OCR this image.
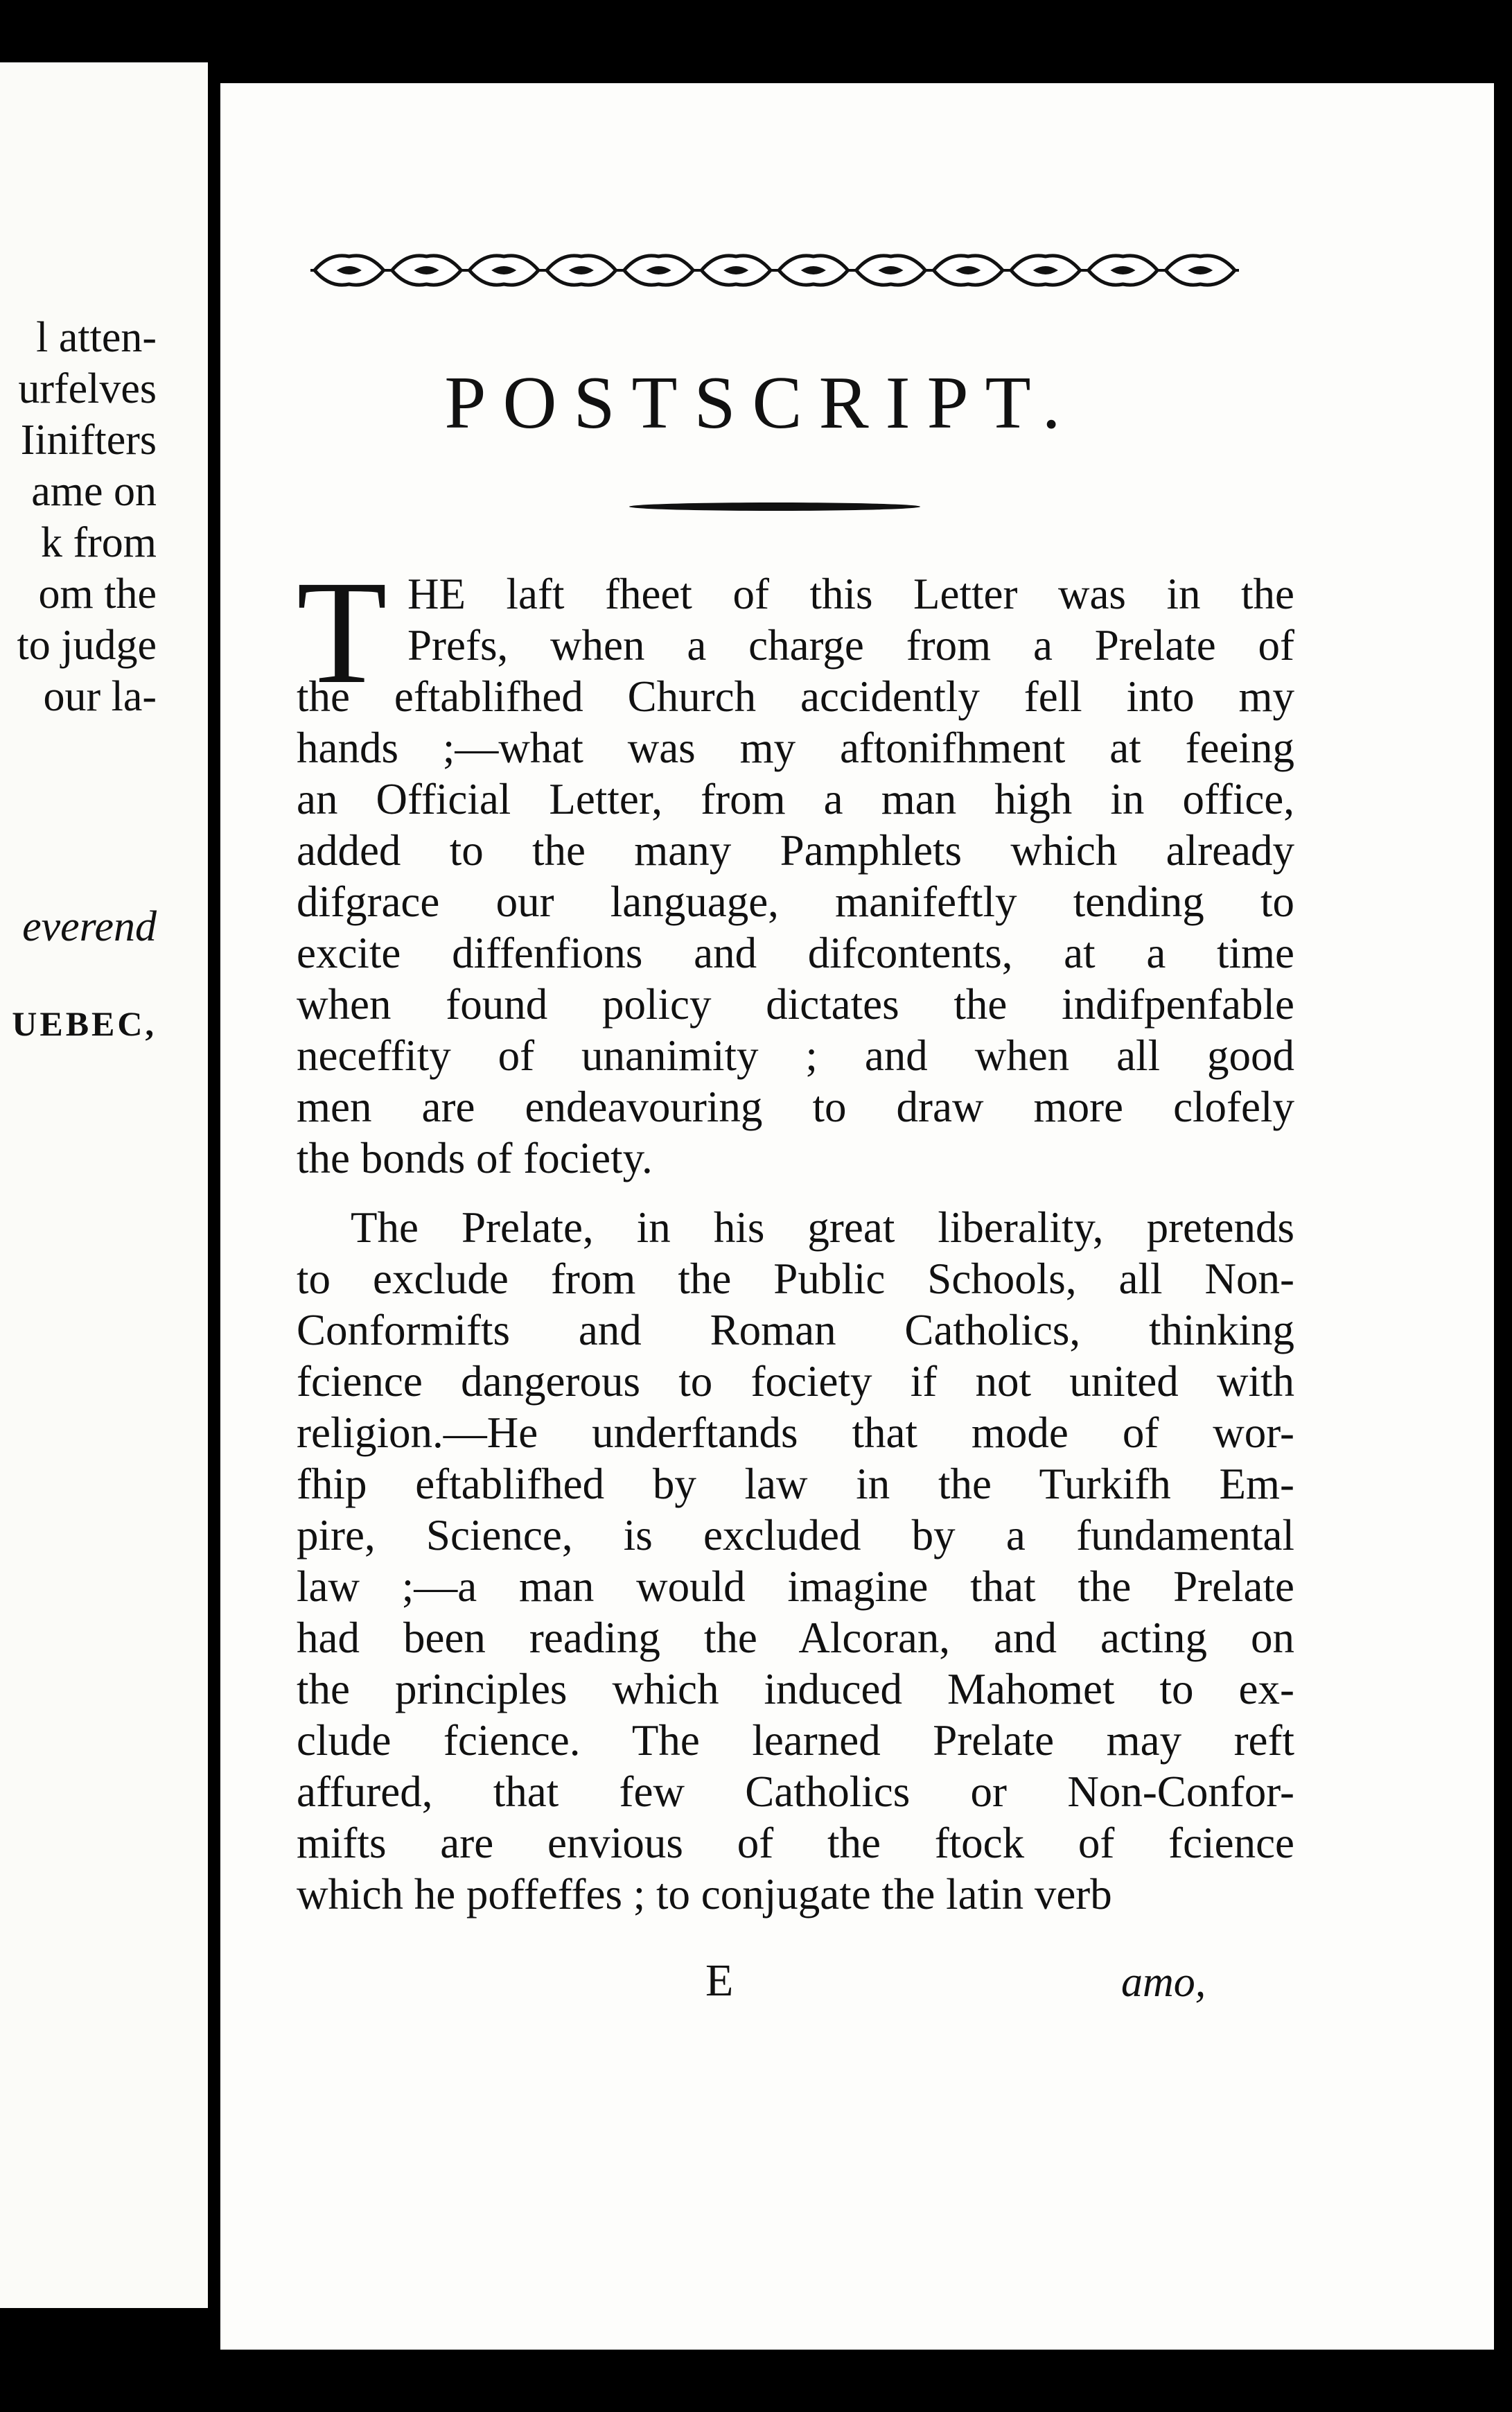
l atten-
urfelves
Iinifters
ame on
k from
om the
to judge
our la-
everend
UEBEC,
POSTSCRIPT.
T HE laft fheet of this Letter was in the
Prefs, when a charge from a Prelate of
the eftablifhed Church accidently fell into my
hands ;—what was my aftonifhment at feeing
an Official Letter, from a man high in office,
added to the many Pamphlets which already
difgrace our language, manifeftly tending to
excite diffenfions and difcontents, at a time
when found policy dictates the indifpenfable
neceffity of unanimity ; and when all good
men are endeavouring to draw more clofely
the bonds of fociety.
The Prelate, in his great liberality, pretends
to exclude from the Public Schools, all Non-
Conformifts and Roman Catholics, thinking
fcience dangerous to fociety if not united with
religion.—He underftands that mode of wor-
fhip eftablifhed by law in the Turkifh Em-
pire, Science, is excluded by a fundamental
law ;—a man would imagine that the Prelate
had been reading the Alcoran, and acting on
the principles which induced Mahomet to ex-
clude fcience. The learned Prelate may reft
affured, that few Catholics or Non-Confor-
mifts are envious of the ftock of fcience
which he poffeffes ; to conjugate the latin verb
E	amo,
